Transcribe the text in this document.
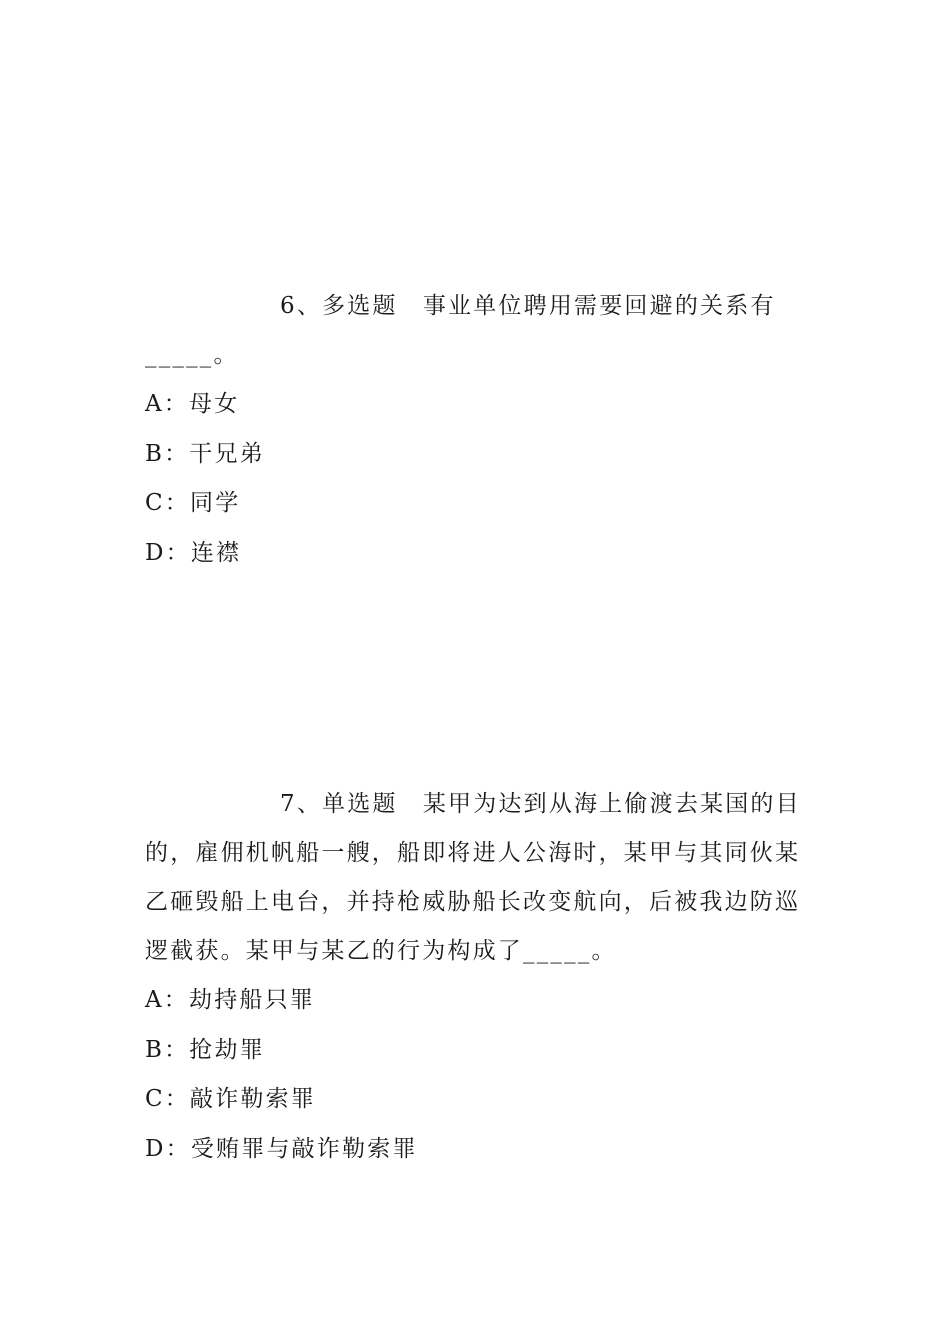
6、多选题　事业单位聘用需要回避的关系有_____。

A：母女

B：干兄弟

C：同学

D：连襟

7、单选题　某甲为达到从海上偷渡去某国的目的，雇佣机帆船一艘，船即将进人公海时，某甲与其同伙某乙砸毁船上电台，并持枪威胁船长改变航向，后被我边防巡逻截获。某甲与某乙的行为构成了_____。

A：劫持船只罪

B：抢劫罪

C：敲诈勒索罪

D：受贿罪与敲诈勒索罪
